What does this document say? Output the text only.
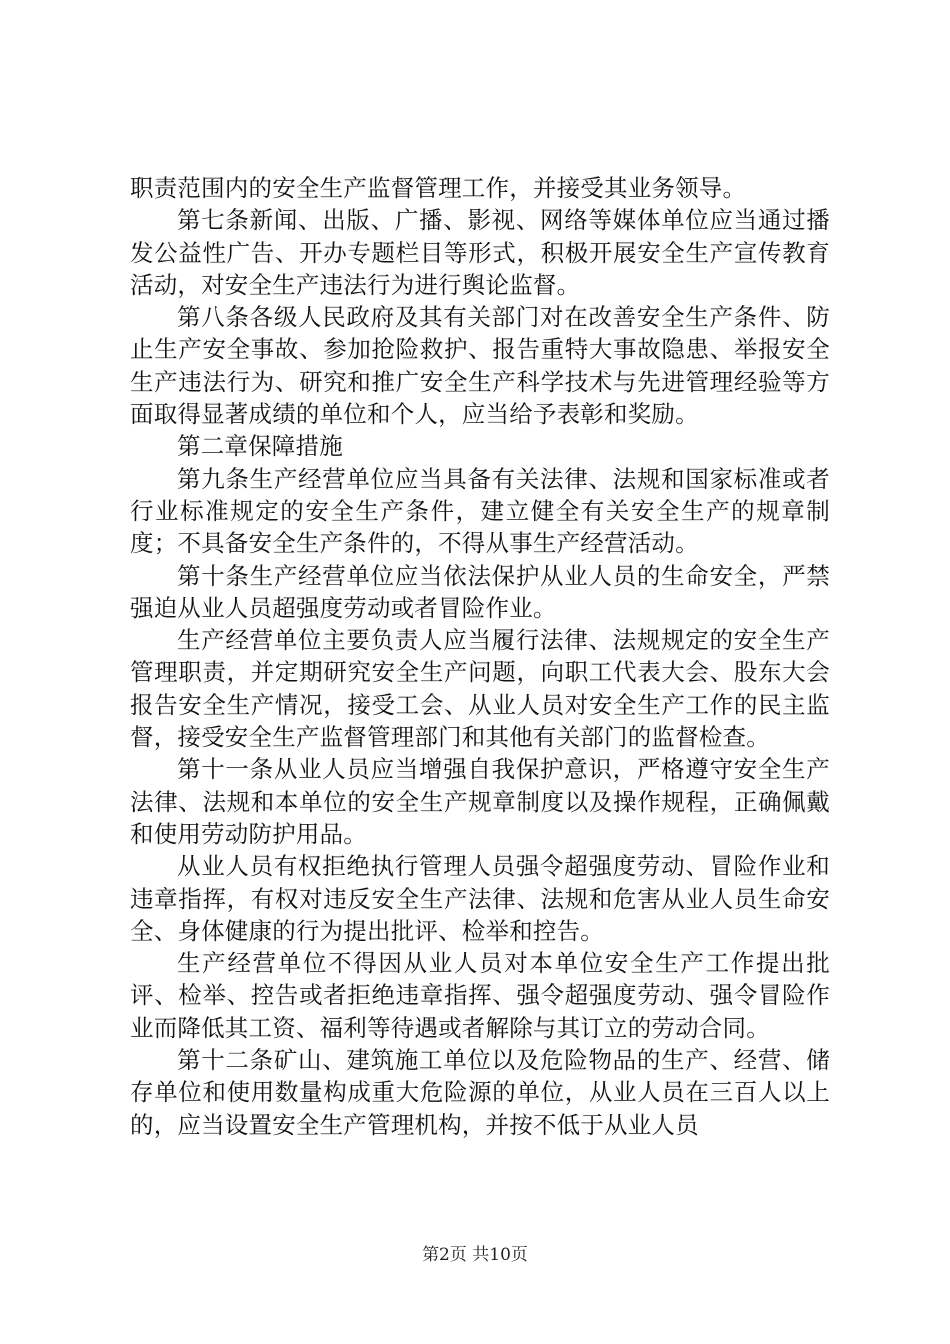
职责范围内的安全生产监督管理工作，并接受其业务领导。

第七条新闻、出版、广播、影视、网络等媒体单位应当通过播发公益性广告、开办专题栏目等形式，积极开展安全生产宣传教育活动，对安全生产违法行为进行舆论监督。

第八条各级人民政府及其有关部门对在改善安全生产条件、防止生产安全事故、参加抢险救护、报告重特大事故隐患、举报安全生产违法行为、研究和推广安全生产科学技术与先进管理经验等方面取得显著成绩的单位和个人，应当给予表彰和奖励。

第二章保障措施

第九条生产经营单位应当具备有关法律、法规和国家标准或者行业标准规定的安全生产条件，建立健全有关安全生产的规章制度；不具备安全生产条件的，不得从事生产经营活动。

第十条生产经营单位应当依法保护从业人员的生命安全，严禁强迫从业人员超强度劳动或者冒险作业。

生产经营单位主要负责人应当履行法律、法规规定的安全生产管理职责，并定期研究安全生产问题，向职工代表大会、股东大会报告安全生产情况，接受工会、从业人员对安全生产工作的民主监督，接受安全生产监督管理部门和其他有关部门的监督检查。

第十一条从业人员应当增强自我保护意识，严格遵守安全生产法律、法规和本单位的安全生产规章制度以及操作规程，正确佩戴和使用劳动防护用品。

从业人员有权拒绝执行管理人员强令超强度劳动、冒险作业和违章指挥，有权对违反安全生产法律、法规和危害从业人员生命安全、身体健康的行为提出批评、检举和控告。

生产经营单位不得因从业人员对本单位安全生产工作提出批评、检举、控告或者拒绝违章指挥、强令超强度劳动、强令冒险作业而降低其工资、福利等待遇或者解除与其订立的劳动合同。

第十二条矿山、建筑施工单位以及危险物品的生产、经营、储存单位和使用数量构成重大危险源的单位，从业人员在三百人以上的，应当设置安全生产管理机构，并按不低于从业人员

第2页 共10页
